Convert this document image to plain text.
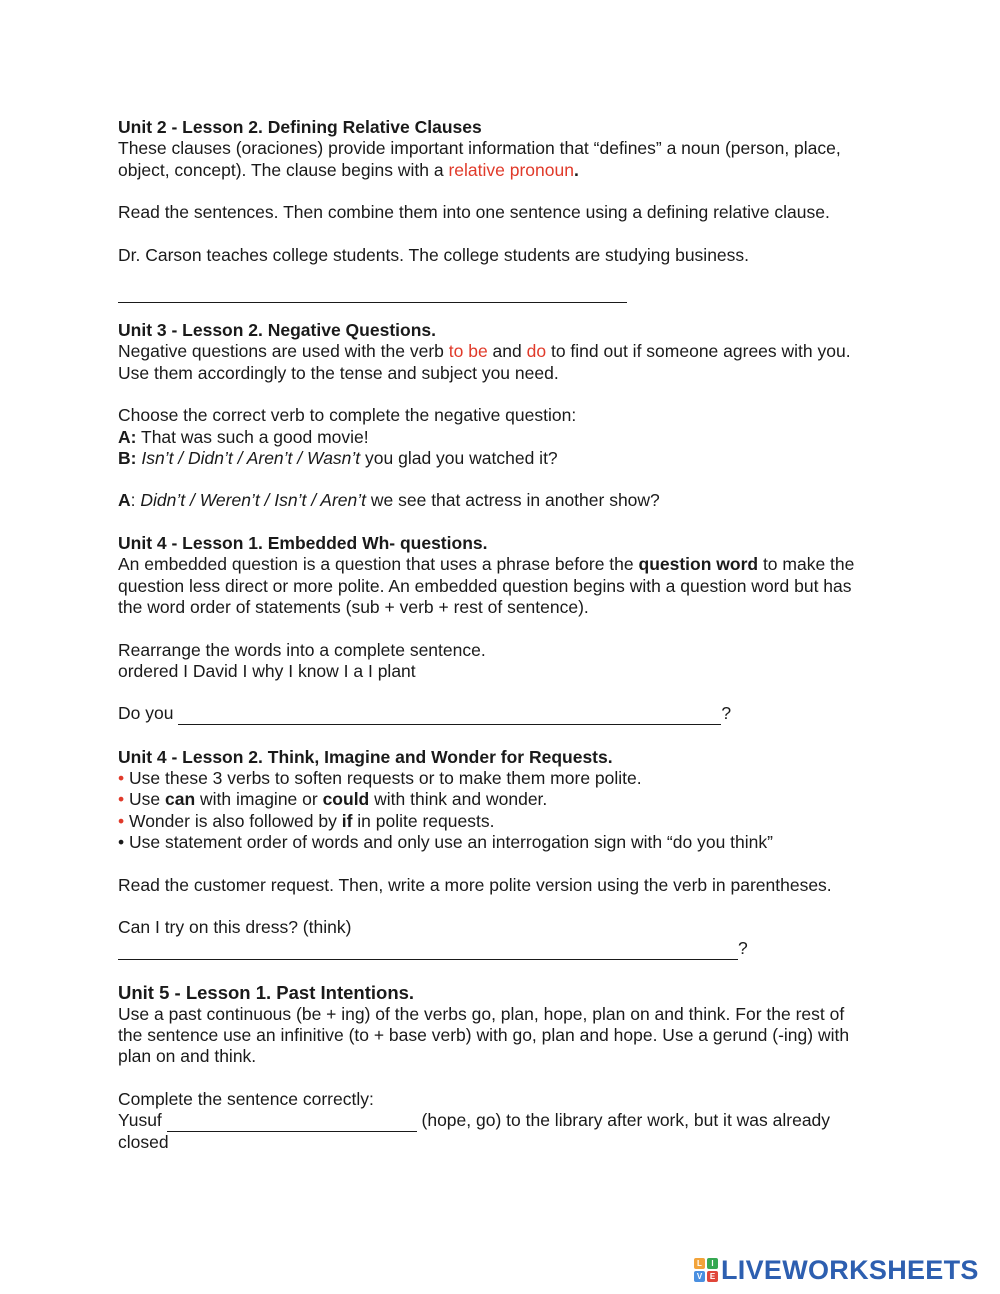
Unit 2 - Lesson 2. Defining Relative Clauses
These clauses (oraciones) provide important information that “defines” a noun (person, place,
object, concept). The clause begins with a relative pronoun.
Read the sentences. Then combine them into one sentence using a defining relative clause.
Dr. Carson teaches college students. The college students are studying business.
Unit 3 - Lesson 2. Negative Questions.
Negative questions are used with the verb to be and do to find out if someone agrees with you.
Use them accordingly to the tense and subject you need.
Choose the correct verb to complete the negative question:
A: That was such a good movie!
B: Isn’t / Didn’t / Aren’t / Wasn’t you glad you watched it?
A: Didn’t / Weren’t / Isn’t / Aren’t we see that actress in another show?
Unit 4 - Lesson 1. Embedded Wh- questions.
An embedded question is a question that uses a phrase before the question word to make the
question less direct or more polite. An embedded question begins with a question word but has
the word order of statements (sub + verb + rest of sentence).
Rearrange the words into a complete sentence.
ordered I David I why I know I a I plant
Do you	?
Unit 4 - Lesson 2. Think, Imagine and Wonder for Requests.
• Use these 3 verbs to soften requests or to make them more polite.
• Use can with imagine or could with think and wonder.
• Wonder is also followed by if in polite requests.
• Use statement order of words and only use an interrogation sign with “do you think”
Read the customer request. Then, write a more polite version using the verb in parentheses.
Can I try on this dress? (think)
?
Unit 5 - Lesson 1. Past Intentions.
Use a past continuous (be + ing) of the verbs go, plan, hope, plan on and think. For the rest of
the sentence use an infinitive (to + base verb) with go, plan and hope. Use a gerund (-ing) with
plan on and think.
Complete the sentence correctly:
Yusuf	(hope, go) to the library after work, but it was already
closed
L	I
V E LIVEWORKSHEETS
